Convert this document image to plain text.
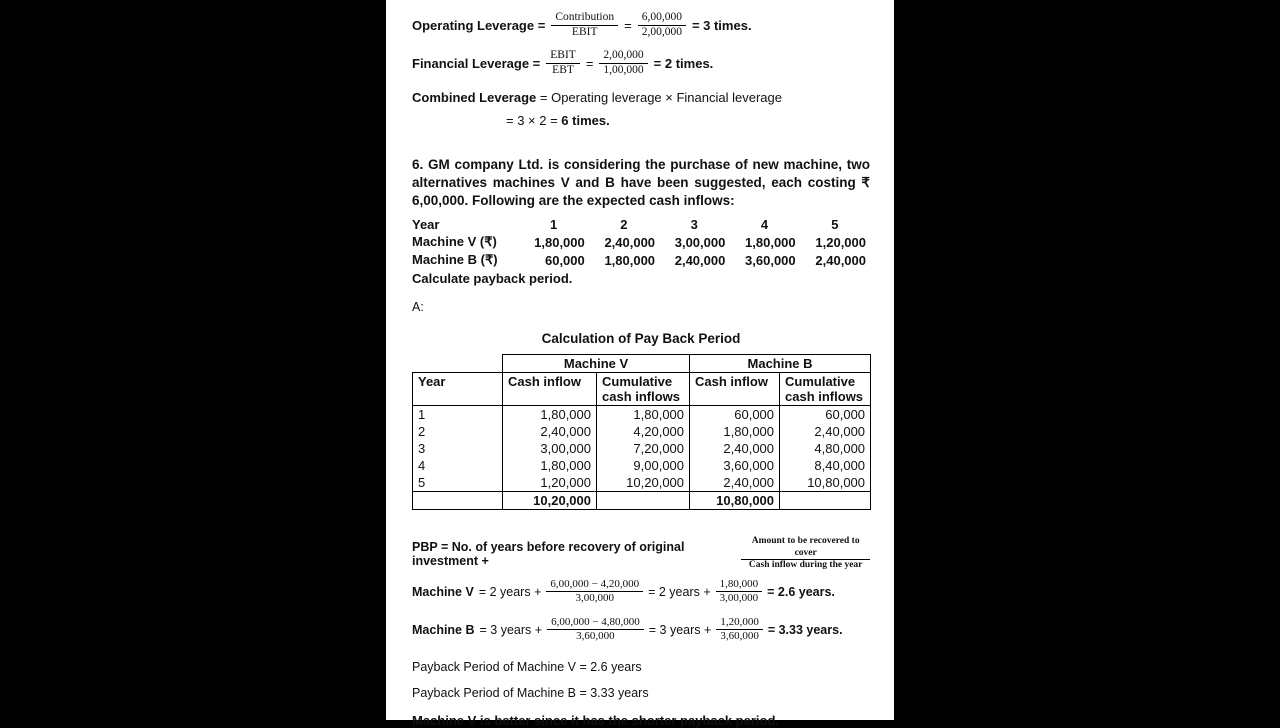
Operating Leverage = $\frac{\text{Contribution}}{\text{EBIT}} = \frac{6,00,000}{2,00,000} = 3$ times.
Financial Leverage = $\frac{\text{EBIT}}{\text{EBT}} = \frac{2,00,000}{1,00,000} = 2$ times.
Combined Leverage = Operating leverage × Financial leverage
= 3 × 2 = 6 times.
6. GM company Ltd. is considering the purchase of new machine, two alternatives machines V and B have been suggested, each costing ₹ 6,00,000. Following are the expected cash inflows:
Year	1	2	3	4	5
Machine V (₹)	1,80,000	2,40,000	3,00,000	1,80,000	1,20,000
Machine B (₹)	60,000	1,80,000	2,40,000	3,60,000	2,40,000
Calculate payback period.
A:
Calculation of Pay Back Period
	Machine V		Machine B	
Year	Cash inflow	Cumulative cash inflows	Cash inflow	Cumulative cash inflows
1	1,80,000	1,80,000	60,000	60,000
2	2,40,000	4,20,000	1,80,000	2,40,000
3	3,00,000	7,20,000	2,40,000	4,80,000
4	1,80,000	9,00,000	3,60,000	8,40,000
5	1,20,000	10,20,000	2,40,000	10,80,000
	10,20,000		10,80,000	
PBP = No. of years before recovery of original investment +	$\frac{\text{Amount to be recovered to cover}}{\text{Cash inflow during the year}}$
Machine V = 2 years + $\frac{6,00,000 - 4,20,000}{3,00,000} = 2$ years + $\frac{1,80,000}{3,00,000} = 2.6$ years.
Machine B = 3 years + $\frac{6,00,000 - 4,80,000}{3,60,000} = 3$ years + $\frac{1,20,000}{3,60,000} = 3.33$ years.
Payback Period of Machine V = 2.6 years
Payback Period of Machine B = 3.33 years
Machine V is better since it has the shorter payback period.
